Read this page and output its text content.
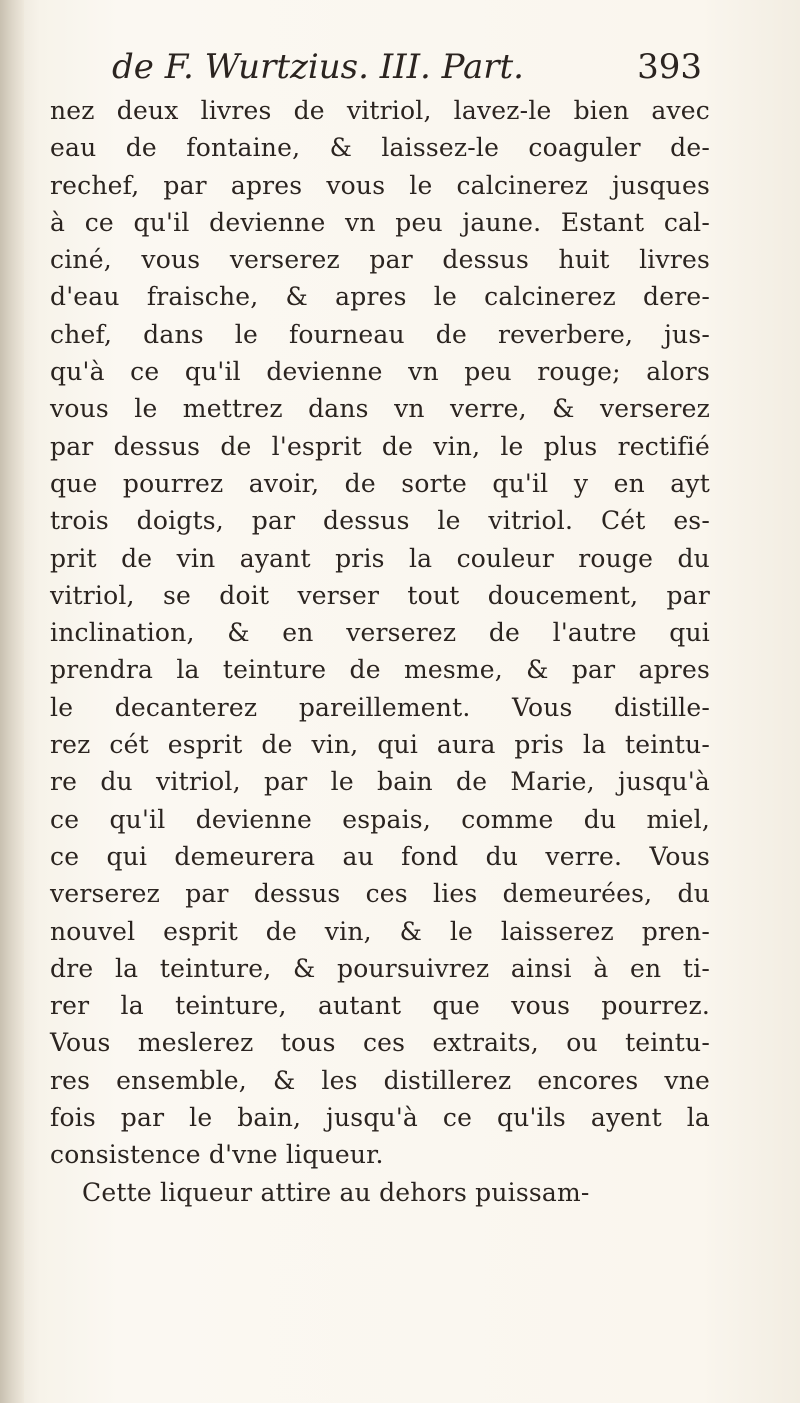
de F. Wurtzius. III. Part.	393
nez deux livres de vitriol, lavez-le bien avec
eau de fontaine, & laissez-le coaguler de-
rechef, par apres vous le calcinerez jusques
à ce qu'il devienne vn peu jaune. Estant cal-
ciné, vous verserez par dessus huit livres
d'eau fraische, & apres le calcinerez dere-
chef, dans le fourneau de reverbere, jus-
qu'à ce qu'il devienne vn peu rouge; alors
vous le mettrez dans vn verre, & verserez
par dessus de l'esprit de vin, le plus rectifié
que pourrez avoir, de sorte qu'il y en ayt
trois doigts, par dessus le vitriol. Cét es-
prit de vin ayant pris la couleur rouge du
vitriol, se doit verser tout doucement, par
inclination, & en verserez de l'autre qui
prendra la teinture de mesme, & par apres
le decanterez pareillement. Vous distille-
rez cét esprit de vin, qui aura pris la teintu-
re du vitriol, par le bain de Marie, jusqu'à
ce qu'il devienne espais, comme du miel,
ce qui demeurera au fond du verre. Vous
verserez par dessus ces lies demeurées, du
nouvel esprit de vin, & le laisserez pren-
dre la teinture, & poursuivrez ainsi à en ti-
rer la teinture, autant que vous pourrez.
Vous meslerez tous ces extraits, ou teintu-
res ensemble, & les distillerez encores vne
fois par le bain, jusqu'à ce qu'ils ayent la
consistence d'vne liqueur.
Cette liqueur attire au dehors puissam-
